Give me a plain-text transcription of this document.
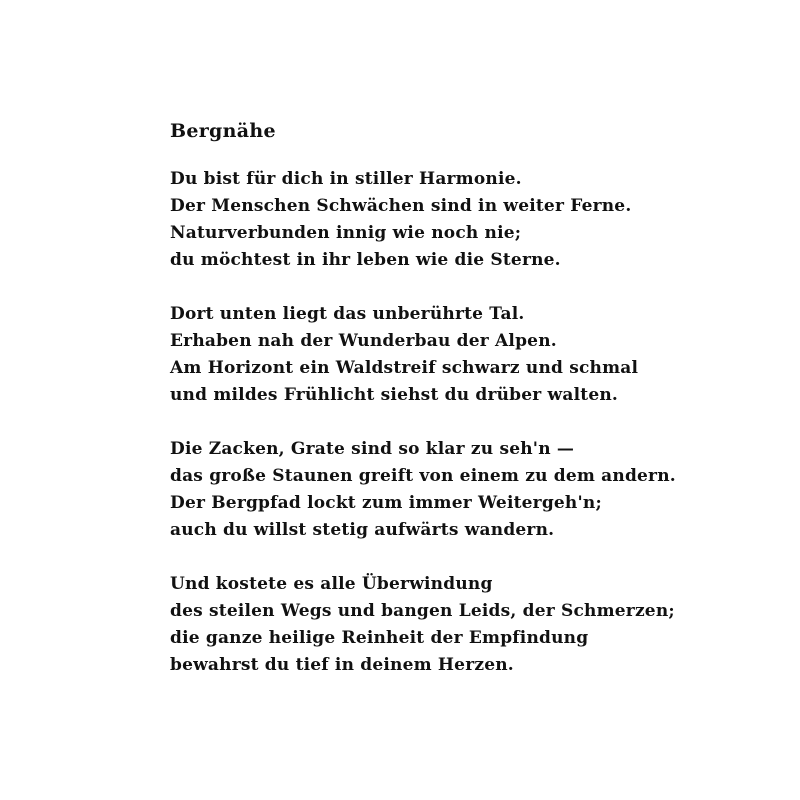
Bergnähe
Du bist für dich in stiller Harmonie.
Der Menschen Schwächen sind in weiter Ferne.
Naturverbunden innig wie noch nie;
du möchtest in ihr leben wie die Sterne.
Dort unten liegt das unberührte Tal.
Erhaben nah der Wunderbau der Alpen.
Am Horizont ein Waldstreif schwarz und schmal
und mildes Frühlicht siehst du drüber walten.
Die Zacken, Grate sind so klar zu seh'n —
das große Staunen greift von einem zu dem andern.
Der Bergpfad lockt zum immer Weitergeh'n;
auch du willst stetig aufwärts wandern.
Und kostete es alle Überwindung
des steilen Wegs und bangen Leids, der Schmerzen;
die ganze heilige Reinheit der Empfindung
bewahrst du tief in deinem Herzen.
